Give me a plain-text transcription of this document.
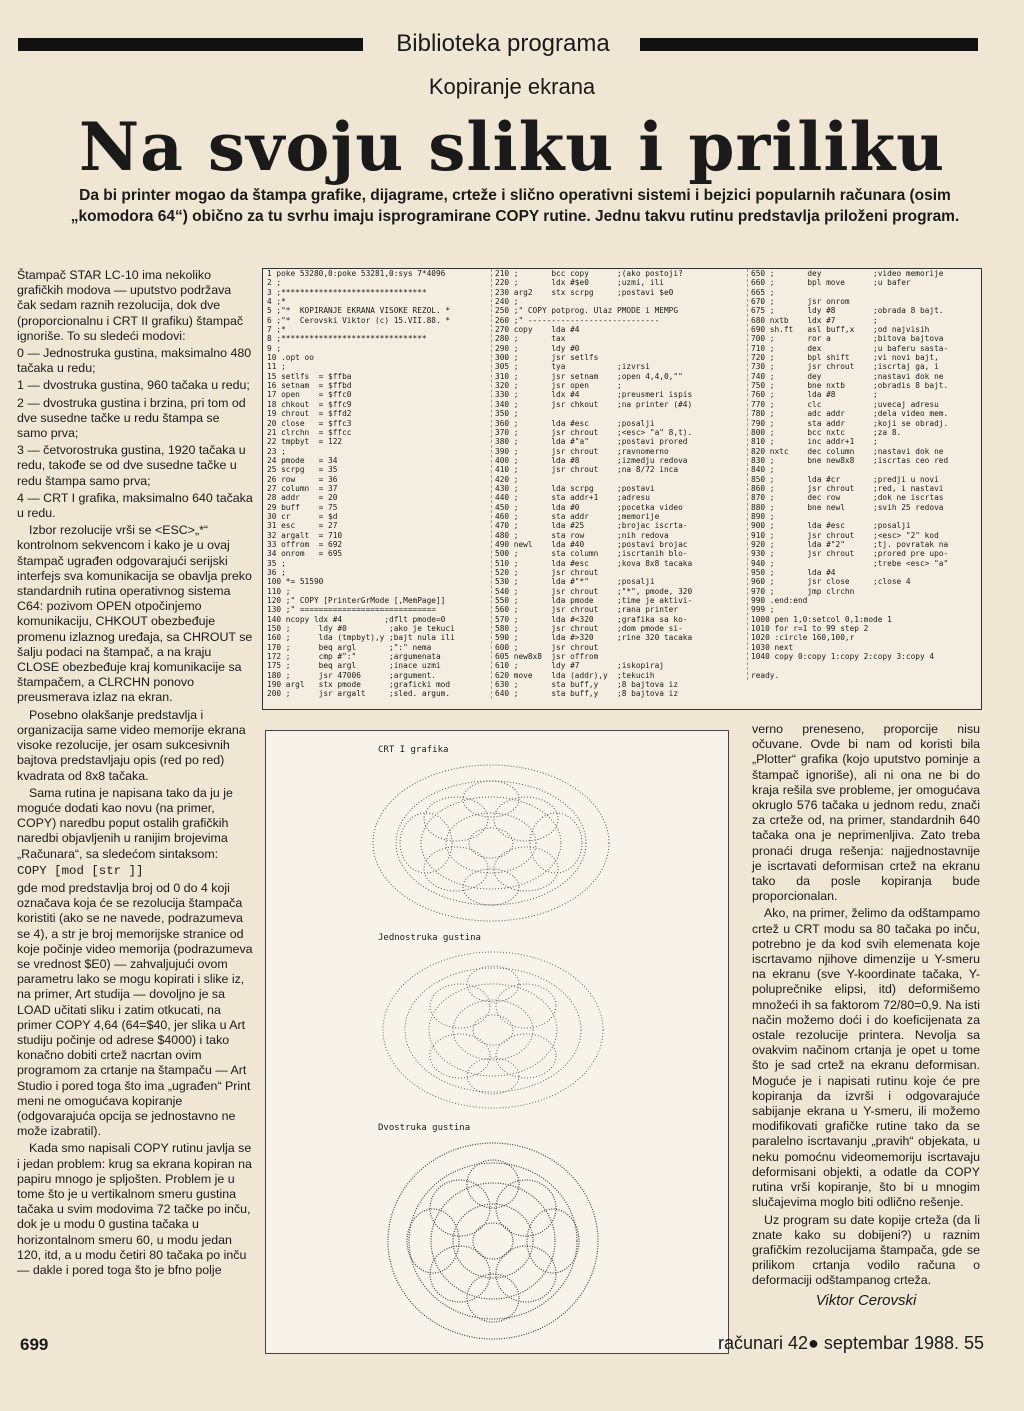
Biblioteka programa
Kopiranje ekrana
Na svoju sliku i priliku
Da bi printer mogao da štampa grafike, dijagrame, crteže i slično operativni sistemi i bejzici popularnih računara (osim „komodora 64“) obično za tu svrhu imaju isprogramirane COPY rutine. Jednu takvu rutinu predstavlja priloženi program.

Štampač STAR LC-10 ima nekoliko grafičkih modova — uputstvo podržava čak sedam raznih rezolucija, dok dve (proporcionalnu i CRT II grafiku) štampač ignoriše. To su sledeći modovi:

0 — Jednostruka gustina, maksimalno 480 tačaka u redu;

1 — dvostruka gustina, 960 tačaka u redu;

2 — dvostruka gustina i brzina, pri tom od dve susedne tačke u redu štampa se samo prva;

3 — četvorostruka gustina, 1920 tačaka u redu, takođe se od dve susedne tačke u redu štampa samo prva;

4 — CRT I grafika, maksimalno 640 tačaka u redu.

Izbor rezolucije vrši se <ESC>„*“ kontrolnom sekvencom i kako je u ovaj štampač ugrađen odgovarajući serijski interfejs sva komunikacija se obavlja preko standardnih rutina operativnog sistema C64: pozivom OPEN otpočinjemo komunikaciju, CHKOUT obezbeđuje promenu izlaznog uređaja, sa CHROUT se šalju podaci na štampač, a na kraju CLOSE obezbeđuje kraj komunikacije sa štampačem, a CLRCHN ponovo preusmerava izlaz na ekran.

Posebno olakšanje predstavlja i organizacija same video memorije ekrana visoke rezolucije, jer osam sukcesivnih bajtova predstavljaju opis (red po red) kvadrata od 8x8 tačaka.

Sama rutina je napisana tako da ju je moguće dodati kao novu (na primer, COPY) naredbu poput ostalih grafičkih naredbi objavljenih u ranijim brojevima „Računara“, sa sledećom sintaksom:

COPY [mod [str ]]

gde mod predstavlja broj od 0 do 4 koji označava koja će se rezolucija štampača koristiti (ako se ne navede, podrazumeva se 4), a str je broj memorijske stranice od koje počinje video memorija (podrazumeva se vrednost $E0) — zahvaljujući ovom parametru lako se mogu kopirati i slike iz, na primer, Art studija — dovoljno je sa LOAD učitati sliku i zatim otkucati, na primer COPY 4,64 (64=$40, jer slika u Art studiju počinje od adrese $4000) i tako konačno dobiti crtež nacrtan ovim programom za crtanje na štampaču — Art Studio i pored toga što ima „ugrađen“ Print meni ne omogućava kopiranje (odgovarajuća opcija se jednostavno ne može izabratil).

Kada smo napisali COPY rutinu javlja se i jedan problem: krug sa ekrana kopiran na papiru mnogo je spljošten. Problem je u tome što je u vertikalnom smeru gustina tačaka u svim modovima 72 tačke po inču, dok je u modu 0 gustina tačaka u horizontalnom smeru 60, u modu jedan 120, itd, a u modu četiri 80 tačaka po inču — dakle i pored toga što je bfno polje

1 poke 53280,0:poke 53281,0:sys 7*4096
2 ;
3 ;*******************************
4 ;*
5 ;"*  KOPIRANJE EKRANA VISOKE REZOL. *
6 ;"*  Cerovski Viktor (c) 15.VII.88. *
7 ;*
8 ;*******************************
9 ;
10 .opt oo
11 ;
15 setlfs  = $ffba
16 setnam  = $ffbd
17 open    = $ffc0
18 chkout  = $ffc9
19 chrout  = $ffd2
20 close   = $ffc3
21 clrchn  = $ffcc
22 tmpbyt  = 122
23 ;
24 pmode   = 34
25 scrpg   = 35
26 row     = 36
27 column  = 37
28 addr    = 20
29 buff    = 75
30 cr      = $d
31 esc     = 27
32 argalt  = 710
33 offrom  = 692
34 onrom   = 695
35 ;
36 ;
100 *= 51590
110 ;
120 ;" COPY [PrinterGrMode [,MemPage]]
130 ;" =============================
140 ncopy ldx #4         ;dflt pmode=0
150 ;      ldy #0         ;ako je tekuci
160 ;      lda (tmpbyt),y ;bajt nula ili
170 ;      beq argl       ;":" nema
172 ;      cmp #":"       ;argumenata
175 ;      beq argl       ;inace uzmi
180 ;      jsr 47006      ;argument.
190 argl   stx pmode      ;graficki mod
200 ;      jsr argalt     ;sled. argum.
210 ;       bcc copy      ;(ako postoji?
220 ;       ldx #$e0      ;uzmi, ili
230 arg2    stx scrpg     ;postavi $e0
240 ;
250 ;" COPY potprog. Ulaz PMODE i MEMPG
260 ;" ----------------------------
270 copy    lda #4
280 ;       tax
290 ;       ldy #0
300 ;       jsr setlfs
305 ;       tya           ;izvrsi
310 ;       jsr setnam    ;open 4,4,0,""
320 ;       jsr open      ;
330 ;       ldx #4        ;preusmeri ispis
340 ;       jsr chkout    ;na printer (#4)
350 ;
360 ;       lda #esc      ;posalji
370 ;       jsr chrout    ;<esc> "a" 8,t).
380 ;       lda #"a"      ;postavi prored
390 ;       jsr chrout    ;ravnomerno
400 ;       lda #8        ;izmedju redova
410 ;       jsr chrout    ;na 8/72 inca
420 ;
430 ;       lda scrpg     ;postavi
440 ;       sta addr+1    ;adresu
450 ;       lda #0        ;pocetka video
460 ;       sta addr      ;memorije
470 ;       lda #25       ;brojac iscrta-
480 ;       sta row       ;nih redova
490 newl    lda #40       ;postavi brojac
500 ;       sta column    ;iscrtanih blo-
510 ;       lda #esc      ;kova 8x8 tacaka
520 ;       jsr chrout
530 ;       lda #"*"      ;posalji
540 ;       jsr chrout    ;"*", pmode, 320
550 ;       lda pmode     ;time je aktivi-
560 ;       jsr chrout    ;rana printer
570 ;       lda #<320     ;grafika sa ko-
580 ;       jsr chrout    ;dom pmode si-
590 ;       lda #>320     ;rine 320 tacaka
600 ;       jsr chrout
605 new8x8  jsr offrom
610 ;       ldy #7        ;iskopiraj
620 move    lda (addr),y  ;tekucih
630 ;       sta buff,y    ;8 bajtova iz
640 ;       sta buff,y    ;8 bajtova iz
650 ;       dey           ;video memorije
660 ;       bpl move      ;u bafer
665 ;
670 ;       jsr onrom
675 ;       ldy #8        ;obrada 8 bajt.
680 nxtb    ldx #7        ;
690 sh.ft   asl buff,x    ;od najvisih
700 ;       ror a         ;bitova bajtova
710 ;       dex           ;u baferu sasta-
720 ;       bpl shift     ;vi novi bajt,
730 ;       jsr chrout    ;iscrtaj ga, i
740 ;       dey           ;nastavi dok ne
750 ;       bne nxtb      ;obradis 8 bajt.
760 ;       lda #8        ;
770 ;       clc           ;uvecaj adresu
780 ;       adc addr      ;dela video mem.
790 ;       sta addr      ;koji se obradj.
800 ;       bcc nxtc      ;za 8.
810 ;       inc addr+1    ;
820 nxtc    dec column    ;nastavi dok ne
830 ;       bne new8x8    ;iscrtas ceo red
840 ;
850 ;       lda #cr       ;predji u novi
860 ;       jsr chrout    ;red, i nastavi
870 ;       dec row       ;dok ne iscrtas
880 ;       bne newl      ;svih 25 redova
890 ;
900 ;       lda #esc      ;posalji
910 ;       jsr chrout    ;<esc> "2" kod
920 ;       lda #"2"      ;tj. povratak na
930 ;       jsr chrout    ;prored pre upo-
940 ;                     ;trebe <esc> "a"
950 ;       lda #4
960 ;       jsr close     ;close 4
970 ;       jmp clrchn
990 .end:end
999 ;
1000 pen 1,0:setcol 0,1:mode 1
1010 for r=1 to 99 step 2
1020 :circle 160,100,r
1030 next
1040 copy 0:copy 1:copy 2:copy 3:copy 4
ready.
CRT I grafika
Jednostruka gustina
Dvostruka gustina

verno preneseno, proporcije nisu očuvane. Ovde bi nam od koristi bila „Plotter“ grafika (kojo uputstvo pominje a štampač ignoriše), ali ni ona ne bi do kraja rešila sve probleme, jer omogućava okruglo 576 tačaka u jednom redu, znači za crteže od, na primer, standardnih 640 tačaka ona je neprimenljiva. Zato treba pronaći druga rešenja: najjednostavnije je iscrtavati deformisan crtež na ekranu tako da posle kopiranja bude proporcionalan.

Ako, na primer, želimo da odštampamo crtež u CRT modu sa 80 tačaka po inču, potrebno je da kod svih elemenata koje iscrtavamo njihove dimenzije u Y-smeru na ekranu (sve Y-koordinate tačaka, Y-poluprečnike elipsi, itd) deformišemo množeći ih sa faktorom 72/80=0,9. Na isti način možemo doći i do koeficijenata za ostale rezolucije printera. Nevolja sa ovakvim načinom crtanja je opet u tome što je sad crtež na ekranu deformisan. Moguće je i napisati rutinu koje će pre kopiranja da izvrši i odgovarajuće sabijanje ekrana u Y-smeru, ili možemo modifikovati grafičke rutine tako da se paralelno iscrtavanju „pravih“ objekata, u neku pomoćnu videomemoriju iscrtavaju deformisani objekti, a odatle da COPY rutina vrši kopiranje, što bi u mnogim slučajevima moglo biti odlično rešenje.

Uz program su date kopije crteža (da li znate kako su dobijeni?) u raznim grafičkim rezolucijama štampača, gde se prilikom crtanja vodilo računa o deformaciji odštampanog crteža.

Viktor Cerovski
699	računari 42● septembar 1988. 55
